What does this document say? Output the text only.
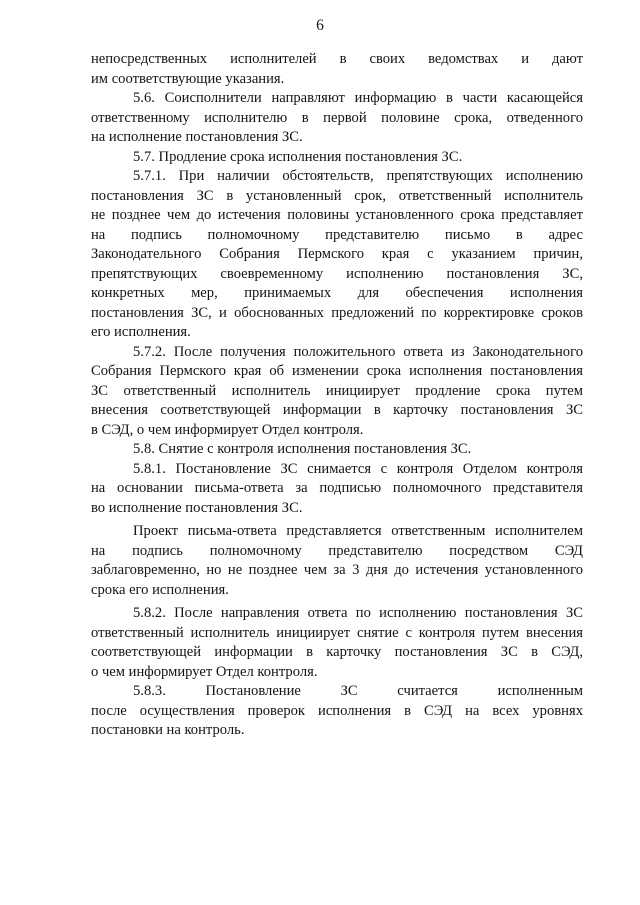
6
непосредственных исполнителей в своих ведомствах и дают
им соответствующие указания.
5.6. Соисполнители направляют информацию в части касающейся
ответственному исполнителю в первой половине срока, отведенного
на исполнение постановления ЗС.
5.7. Продление срока исполнения постановления ЗС.
5.7.1. При наличии обстоятельств, препятствующих исполнению
постановления ЗС в установленный срок, ответственный исполнитель
не позднее чем до истечения половины установленного срока представляет
на подпись полномочному представителю письмо в адрес
Законодательного Собрания Пермского края с указанием причин,
препятствующих своевременному исполнению постановления ЗС,
конкретных мер, принимаемых для обеспечения исполнения
постановления ЗС, и обоснованных предложений по корректировке сроков
его исполнения.
5.7.2. После получения положительного ответа из Законодательного
Собрания Пермского края об изменении срока исполнения постановления
ЗС ответственный исполнитель инициирует продление срока путем
внесения соответствующей информации в карточку постановления ЗС
в СЭД, о чем информирует Отдел контроля.
5.8. Снятие с контроля исполнения постановления ЗС.
5.8.1. Постановление ЗС снимается с контроля Отделом контроля
на основании письма-ответа за подписью полномочного представителя
во исполнение постановления ЗС.
Проект письма-ответа представляется ответственным исполнителем
на подпись полномочному представителю посредством СЭД
заблаговременно, но не позднее чем за 3 дня до истечения установленного
срока его исполнения.
5.8.2. После направления ответа по исполнению постановления ЗС
ответственный исполнитель инициирует снятие с контроля путем внесения
соответствующей информации в карточку постановления ЗС в СЭД,
о чем информирует Отдел контроля.
5.8.3. Постановление ЗС считается исполненным
после осуществления проверок исполнения в СЭД на всех уровнях
постановки на контроль.
